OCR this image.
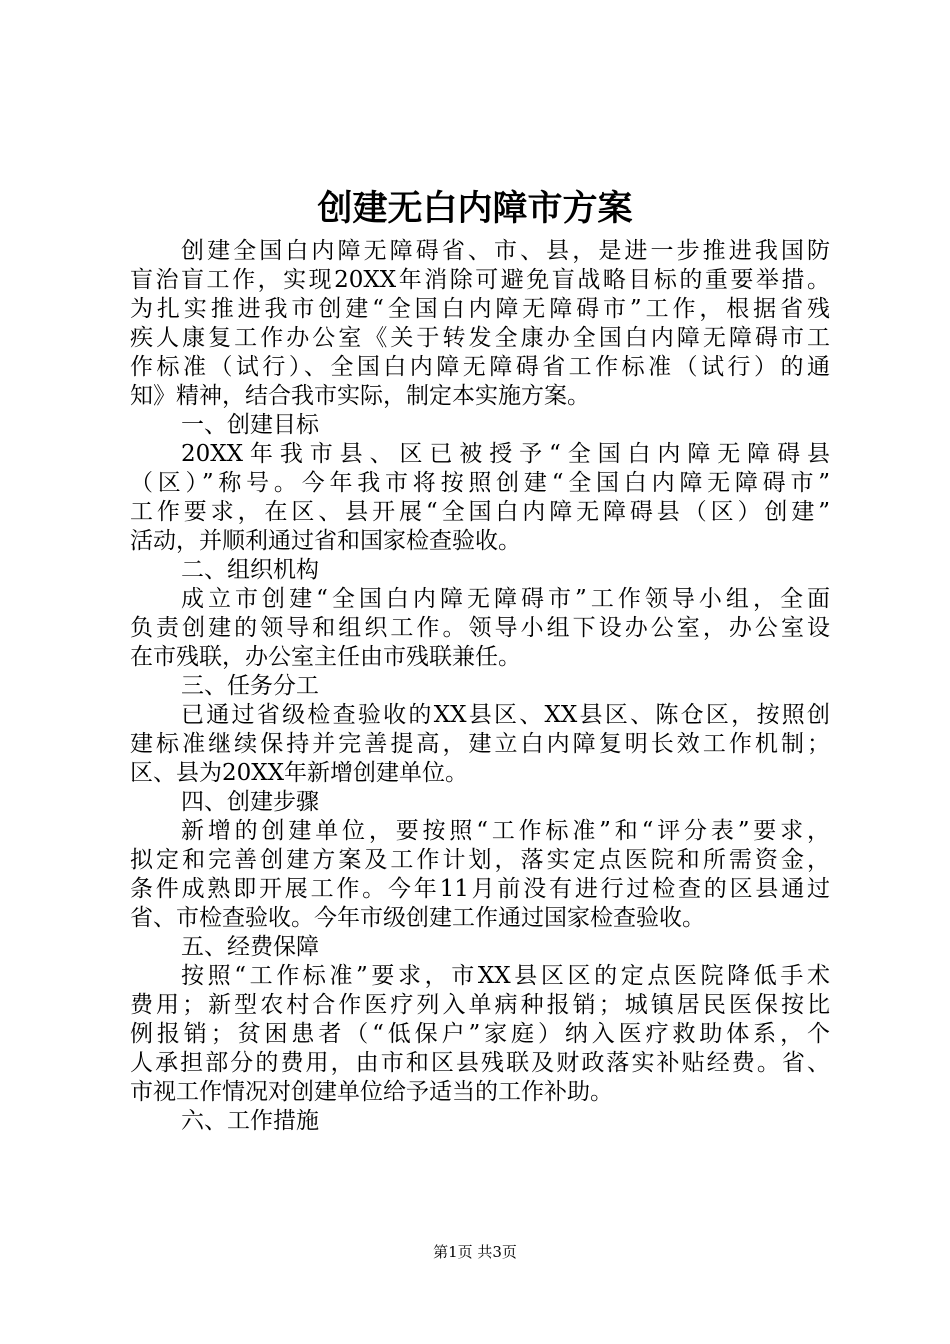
创建无白内障市方案
创建全国白内障无障碍省、市、县，是进一步推进我国防
盲治盲工作，实现20XX年消除可避免盲战略目标的重要举措。
为扎实推进我市创建“全国白内障无障碍市”工作，根据省残
疾人康复工作办公室《关于转发全康办全国白内障无障碍市工
作标准（试行）、全国白内障无障碍省工作标准（试行）的通
知》精神，结合我市实际，制定本实施方案。
一、创建目标
20XX年我市县、区已被授予“全国白内障无障碍县
（区）”称号。今年我市将按照创建“全国白内障无障碍市”
工作要求，在区、县开展“全国白内障无障碍县（区）创建”
活动，并顺利通过省和国家检查验收。
二、组织机构
成立市创建“全国白内障无障碍市”工作领导小组，全面
负责创建的领导和组织工作。领导小组下设办公室，办公室设
在市残联，办公室主任由市残联兼任。
三、任务分工
已通过省级检查验收的XX县区、XX县区、陈仓区，按照创
建标准继续保持并完善提高，建立白内障复明长效工作机制；
区、县为20XX年新增创建单位。
四、创建步骤
新增的创建单位，要按照“工作标准”和“评分表”要求，
拟定和完善创建方案及工作计划，落实定点医院和所需资金，
条件成熟即开展工作。今年11月前没有进行过检查的区县通过
省、市检查验收。今年市级创建工作通过国家检查验收。
五、经费保障
按照“工作标准”要求，市XX县区区的定点医院降低手术
费用；新型农村合作医疗列入单病种报销；城镇居民医保按比
例报销；贫困患者（“低保户”家庭）纳入医疗救助体系，个
人承担部分的费用，由市和区县残联及财政落实补贴经费。省、
市视工作情况对创建单位给予适当的工作补助。
六、工作措施
第1页 共3页
